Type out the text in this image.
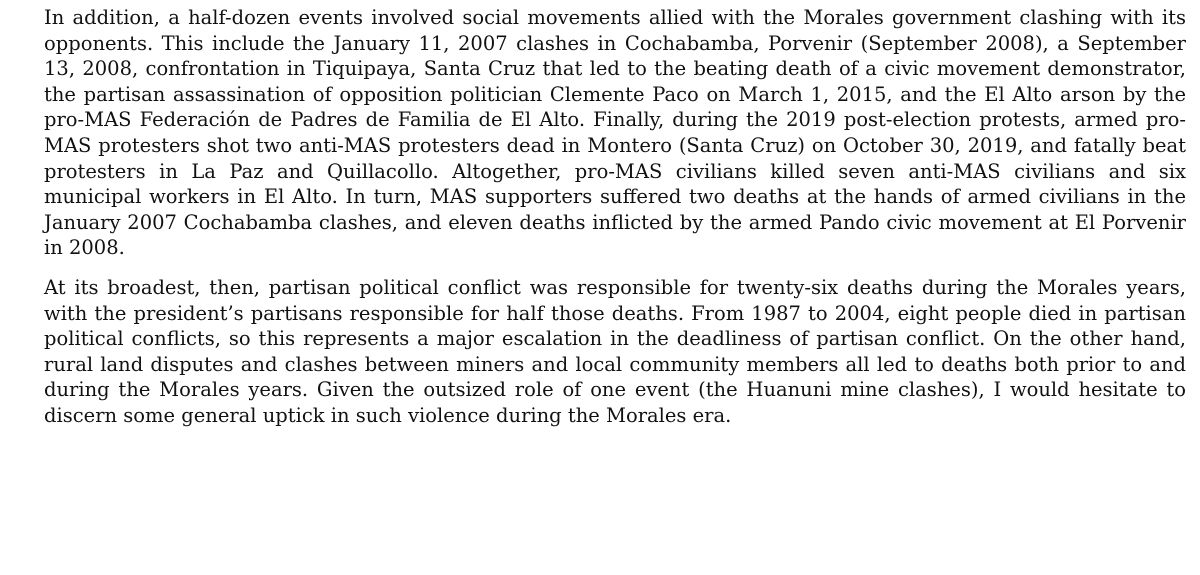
In addition, a half-dozen events involved social movements allied with the Morales government clashing with its opponents. This include the January 11, 2007 clashes in Cochabamba, Porvenir (September 2008), a September 13, 2008, confrontation in Tiquipaya, Santa Cruz that led to the beating death of a civic movement demonstrator, the partisan assassination of opposition politician Clemente Paco on March 1, 2015, and the El Alto arson by the pro-MAS Federación de Padres de Familia de El Alto. Finally, during the 2019 post-election protests, armed pro-MAS protesters shot two anti-MAS protesters dead in Montero (Santa Cruz) on October 30, 2019, and fatally beat protesters in La Paz and Quillacollo. Altogether, pro-MAS civilians killed seven anti-MAS civilians and six municipal workers in El Alto. In turn, MAS supporters suffered two deaths at the hands of armed civilians in the January 2007 Cochabamba clashes, and eleven deaths inflicted by the armed Pando civic movement at El Porvenir in 2008.

At its broadest, then, partisan political conflict was responsible for twenty-six deaths during the Morales years, with the president’s partisans responsible for half those deaths. From 1987 to 2004, eight people died in partisan political conflicts, so this represents a major escalation in the deadliness of partisan conflict. On the other hand, rural land disputes and clashes between miners and local community members all led to deaths both prior to and during the Morales years. Given the outsized role of one event (the Huanuni mine clashes), I would hesitate to discern some general uptick in such violence during the Morales era.
